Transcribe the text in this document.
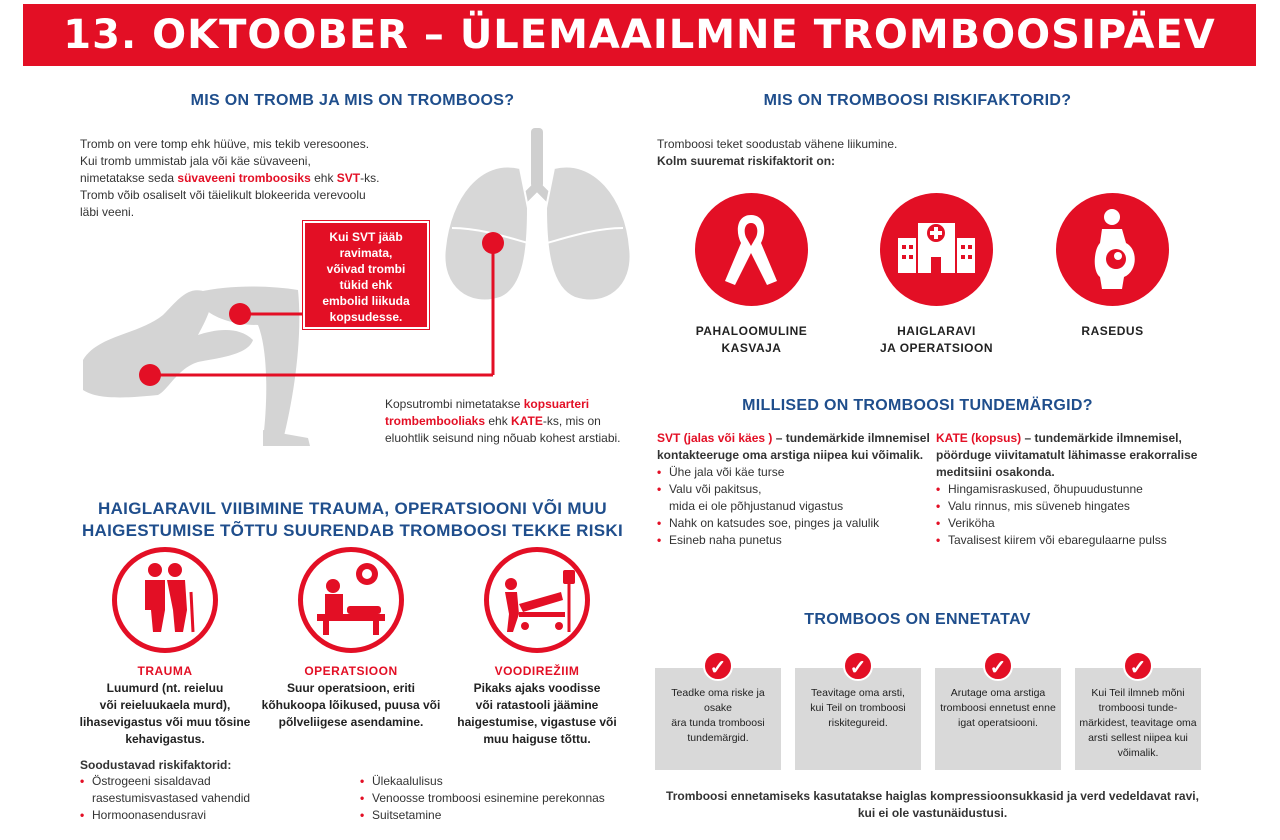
13. OKTOOBER – ÜLEMAAILMNE TROMBOOSIPÄEV
MIS ON TROMB JA MIS ON TROMBOOS?
Tromb on vere tomp ehk hüüve, mis tekib veresoones.
Kui tromb ummistab jala või käe süvaveeni,
nimetatakse seda süvaveeni tromboosiks ehk SVT-ks.
Tromb võib osaliselt või täielikult blokeerida verevoolu
läbi veeni.
Kui SVT jääb
ravimata,
võivad trombi
tükid ehk
embolid liikuda
kopsudesse.
Kopsutrombi nimetatakse kopsuarteri
trombembooliaks ehk KATE-ks, mis on
eluohtlik seisund ning nõuab kohest arstiabi.
MIS ON TROMBOOSI RISKIFAKTORID?
Tromboosi teket soodustab vähene liikumine.
Kolm suuremat riskifaktorit on:
PAHALOOMULINE
KASVAJA
HAIGLARAVI
JA OPERATSIOON
RASEDUS
MILLISED ON TROMBOOSI TUNDEMÄRGID?
SVT (jalas või käes ) – tundemärkide ilmnemisel
kontakteeruge oma arstiga niipea kui võimalik.
• Ühe jala või käe turse
• Valu või pakitsus,
mida ei ole põhjustanud vigastus
• Nahk on katsudes soe, pinges ja valulik
• Esineb naha punetus
KATE (kopsus) – tundemärkide ilmnemisel,
pöörduge viivitamatult lähimasse erakorralise
meditsiini osakonda.
• Hingamisraskused, õhupuudustunne
• Valu rinnus, mis süveneb hingates
• Veriköha
• Tavalisest kiirem või ebaregulaarne pulss
HAIGLARAVIL VIIBIMINE TRAUMA, OPERATSIOONI VÕI MUU
HAIGESTUMISE TÕTTU SUURENDAB TROMBOOSI TEKKE RISKI
TRAUMA
Luumurd (nt. reieluu
või reieluukaela murd),
lihasevigastus või muu tõsine
kehavigastus.
OPERATSIOON
Suur operatsioon, eriti
kõhukoopa lõikused, puusa või
põlveliigese asendamine.
VOODIREŽIIM
Pikaks ajaks voodisse
või ratastooli jäämine
haigestumise, vigastuse või
muu haiguse tõttu.
Soodustavad riskifaktorid:
• Östrogeeni sisaldavad
rasestumisvastased vahendid
• Hormoonasendusravi
• Ülekaalulisus
• Venoosse tromboosi esinemine perekonnas
• Suitsetamine
TROMBOOS ON ENNETATAV
Teadke oma riske ja osake
ära tunda tromboosi
tundemärgid.
Teavitage oma arsti,
kui Teil on tromboosi
riskitegureid.
Arutage oma arstiga
tromboosi ennetust enne
igat operatsiooni.
Kui Teil ilmneb mõni
tromboosi tunde-
märkidest, teavitage oma
arsti sellest niipea kui
võimalik.
✓	✓	✓	✓
Tromboosi ennetamiseks kasutatakse haiglas kompressioonsukkasid ja verd vedeldavat ravi,
kui ei ole vastunäidustusi.
